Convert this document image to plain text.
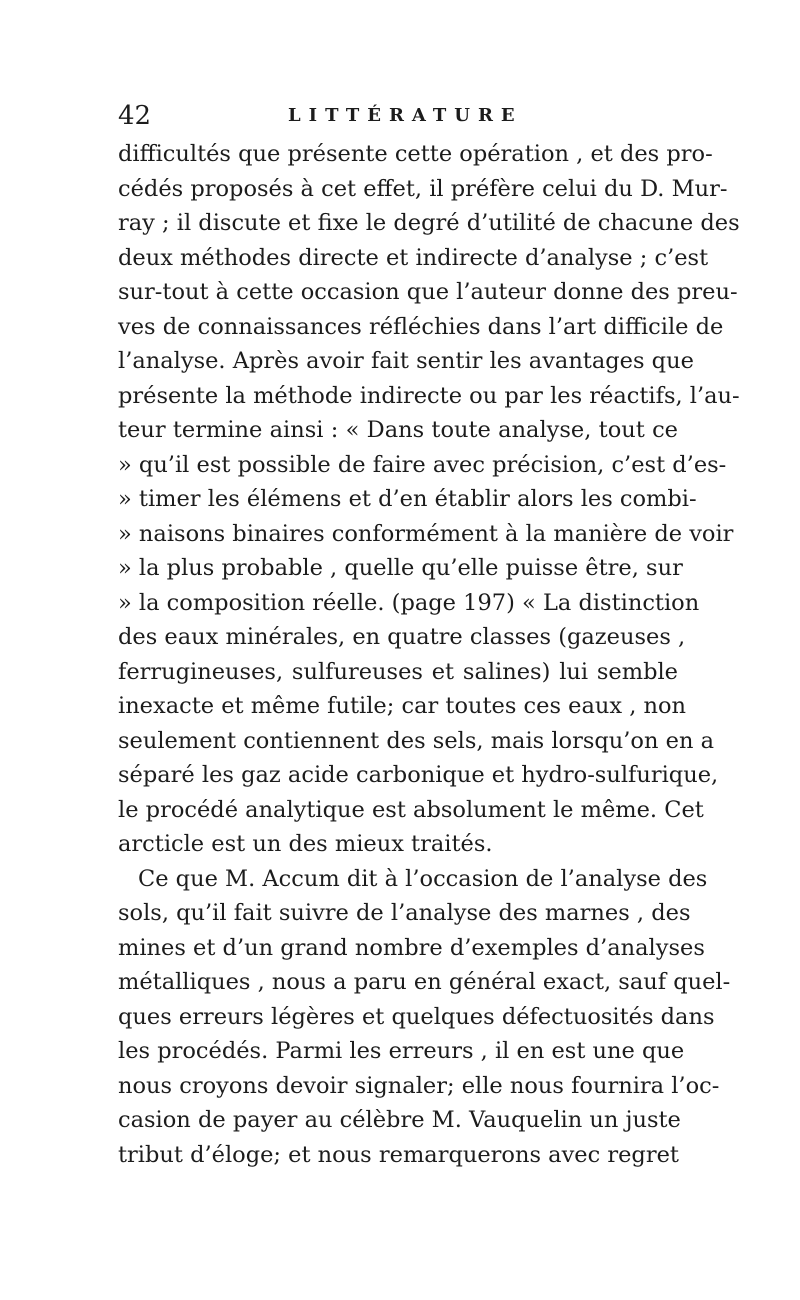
42	LITTÉRATURE
difficultés que présente cette opération , et des pro-
cédés proposés à cet effet, il préfère celui du D. Mur-
ray ; il discute et fixe le degré d’utilité de chacune des
deux méthodes directe et indirecte d’analyse ; c’est
sur-tout à cette occasion que l’auteur donne des preu-
ves de connaissances réfléchies dans l’art difficile de
l’analyse. Après avoir fait sentir les avantages que
présente la méthode indirecte ou par les réactifs, l’au-
teur termine ainsi : « Dans toute analyse, tout ce
» qu’il est possible de faire avec précision, c’est d’es-
» timer les élémens et d’en établir alors les combi-
» naisons binaires conformément à la manière de voir
» la plus probable , quelle qu’elle puisse être, sur
» la composition réelle. (page 197) « La distinction
des eaux minérales, en quatre classes (gazeuses ,
ferrugineuses, sulfureuses et salines) lui semble
inexacte et même futile; car toutes ces eaux , non
seulement contiennent des sels, mais lorsqu’on en a
séparé les gaz acide carbonique et hydro-sulfurique,
le procédé analytique est absolument le même. Cet
arcticle est un des mieux traités.
Ce que M. Accum dit à l’occasion de l’analyse des
sols, qu’il fait suivre de l’analyse des marnes , des
mines et d’un grand nombre d’exemples d’analyses
métalliques , nous a paru en général exact, sauf quel-
ques erreurs légères et quelques défectuosités dans
les procédés. Parmi les erreurs , il en est une que
nous croyons devoir signaler; elle nous fournira l’oc-
casion de payer au célèbre M. Vauquelin un juste
tribut d’éloge; et nous remarquerons avec regret
